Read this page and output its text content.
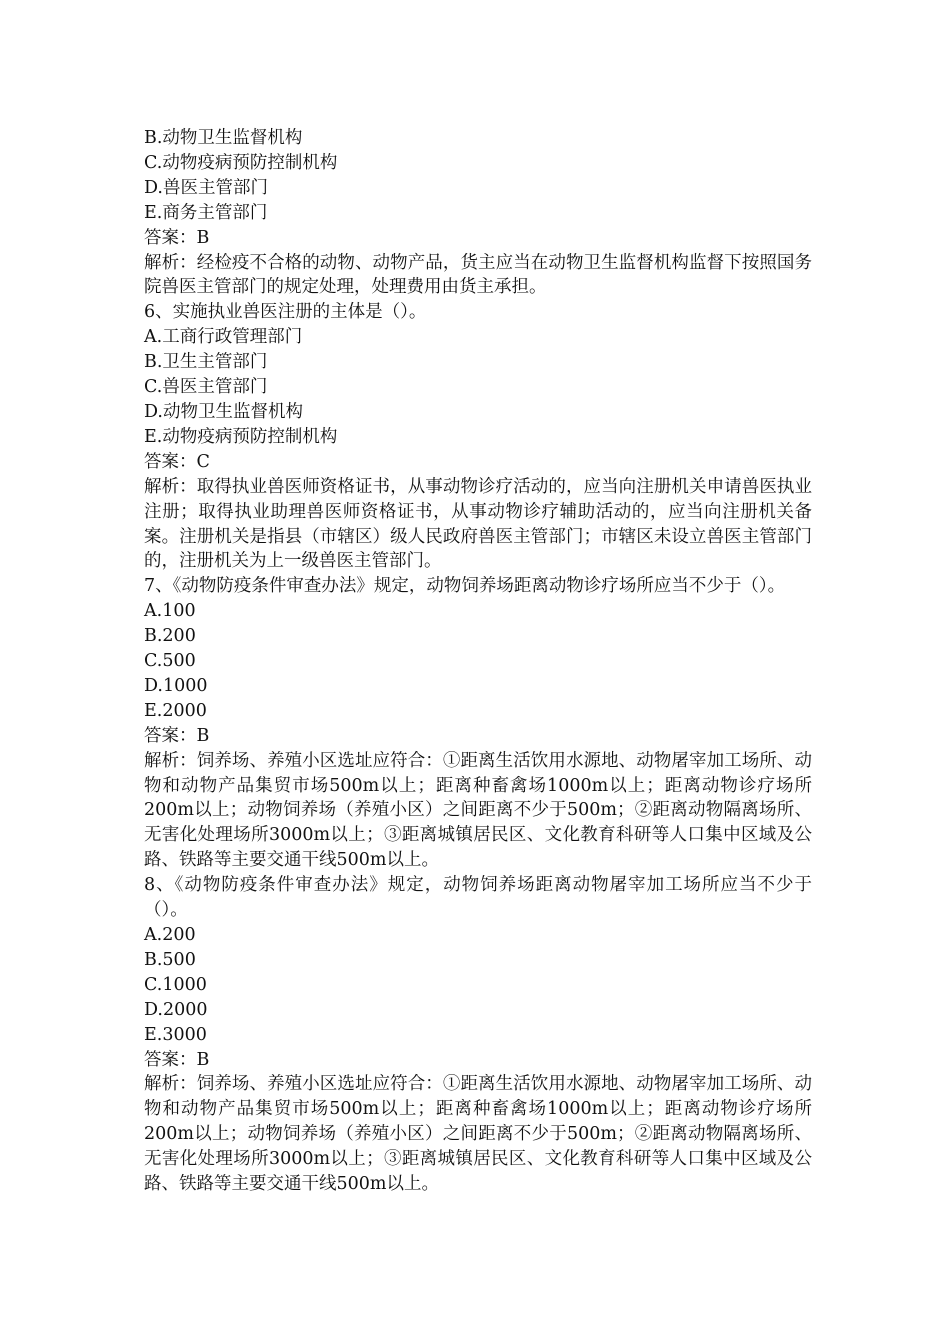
B.动物卫生监督机构

C.动物疫病预防控制机构

D.兽医主管部门

E.商务主管部门

答案：B

解析：经检疫不合格的动物、动物产品，货主应当在动物卫生监督机构监督下按照国务院兽医主管部门的规定处理，处理费用由货主承担。

6、实施执业兽医注册的主体是（）。

A.工商行政管理部门

B.卫生主管部门

C.兽医主管部门

D.动物卫生监督机构

E.动物疫病预防控制机构

答案：C

解析：取得执业兽医师资格证书，从事动物诊疗活动的，应当向注册机关申请兽医执业注册；取得执业助理兽医师资格证书，从事动物诊疗辅助活动的，应当向注册机关备案。注册机关是指县（市辖区）级人民政府兽医主管部门；市辖区未设立兽医主管部门的，注册机关为上一级兽医主管部门。

7、《动物防疫条件审查办法》规定，动物饲养场距离动物诊疗场所应当不少于（）。

A.100

B.200

C.500

D.1000

E.2000

答案：B

解析：饲养场、养殖小区选址应符合：①距离生活饮用水源地、动物屠宰加工场所、动物和动物产品集贸市场500m以上；距离种畜禽场1000m以上；距离动物诊疗场所200m以上；动物饲养场（养殖小区）之间距离不少于500m；②距离动物隔离场所、无害化处理场所3000m以上；③距离城镇居民区、文化教育科研等人口集中区域及公路、铁路等主要交通干线500m以上。

8、《动物防疫条件审查办法》规定，动物饲养场距离动物屠宰加工场所应当不少于（）。

A.200

B.500

C.1000

D.2000

E.3000

答案：B

解析：饲养场、养殖小区选址应符合：①距离生活饮用水源地、动物屠宰加工场所、动物和动物产品集贸市场500m以上；距离种畜禽场1000m以上；距离动物诊疗场所200m以上；动物饲养场（养殖小区）之间距离不少于500m；②距离动物隔离场所、无害化处理场所3000m以上；③距离城镇居民区、文化教育科研等人口集中区域及公路、铁路等主要交通干线500m以上。
